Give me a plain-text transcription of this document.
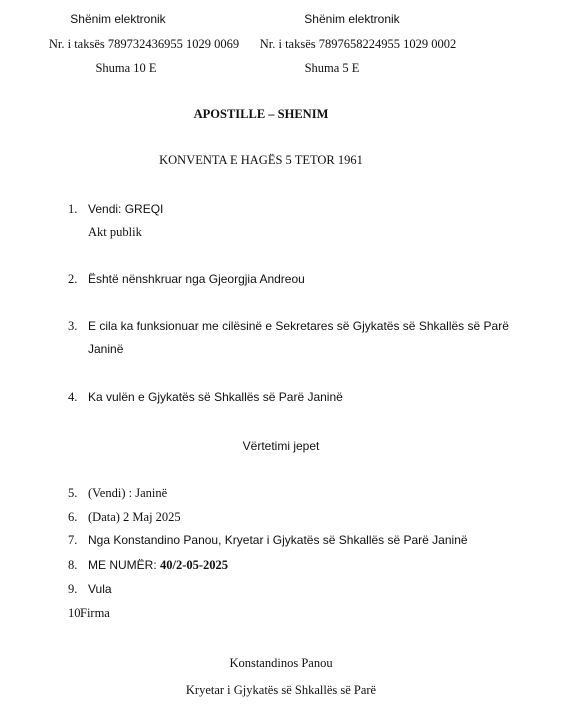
Shënim elektronik
Nr. i taksës 789732436955 1029 0069
Shuma 10 E
Shënim elektronik
Nr. i taksës 7897658224955 1029 0002
Shuma 5 E
APOSTILLE – SHENIM
KONVENTA E HAGËS 5 TETOR 1961
1. Vendi: GREQI
Akt publik
2. Është nënshkruar nga Gjeorgjia Andreou
3. E cila ka funksionuar me cilësinë e Sekretares së Gjykatës së Shkallës së Parë
Janinë
4. Ka vulën e Gjykatës së Shkallës së Parë Janinë
Vërtetimi jepet
5. (Vendi) : Janinë
6. (Data) 2 Maj 2025
7. Nga Konstandino Panou, Kryetar i Gjykatës së Shkallës së Parë Janinë
8. ME NUMËR: 40/2-05-2025
9. Vula
10.
Firma
Konstandinos Panou
Kryetar i Gjykatës së Shkallës së Parë
